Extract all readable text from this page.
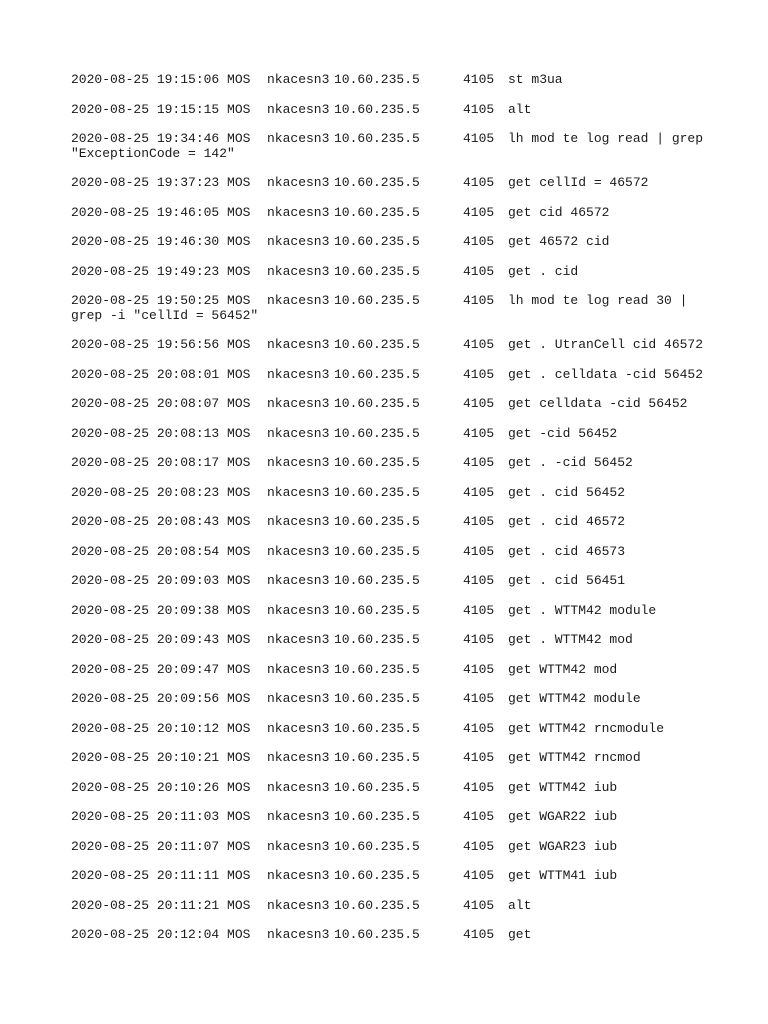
2020-08-25 19:15:06 MOS nkacesn3 10.60.235.5	4105 st m3ua
2020-08-25 19:15:15 MOS nkacesn3 10.60.235.5	4105 alt
2020-08-25 19:34:46 MOS nkacesn3 10.60.235.5	4105 lh mod te log read | grep
"ExceptionCode = 142"
2020-08-25 19:37:23 MOS nkacesn3 10.60.235.5	4105 get cellId = 46572
2020-08-25 19:46:05 MOS nkacesn3 10.60.235.5	4105 get cid 46572
2020-08-25 19:46:30 MOS nkacesn3 10.60.235.5	4105 get 46572 cid
2020-08-25 19:49:23 MOS nkacesn3 10.60.235.5	4105 get . cid
2020-08-25 19:50:25 MOS nkacesn3 10.60.235.5	4105 lh mod te log read 30 |
grep -i "cellId = 56452"
2020-08-25 19:56:56 MOS nkacesn3 10.60.235.5	4105 get . UtranCell cid 46572
2020-08-25 20:08:01 MOS nkacesn3 10.60.235.5	4105 get . celldata -cid 56452
2020-08-25 20:08:07 MOS nkacesn3 10.60.235.5	4105 get celldata -cid 56452
2020-08-25 20:08:13 MOS nkacesn3 10.60.235.5	4105 get -cid 56452
2020-08-25 20:08:17 MOS nkacesn3 10.60.235.5	4105 get . -cid 56452
2020-08-25 20:08:23 MOS nkacesn3 10.60.235.5	4105 get . cid 56452
2020-08-25 20:08:43 MOS nkacesn3 10.60.235.5	4105 get . cid 46572
2020-08-25 20:08:54 MOS nkacesn3 10.60.235.5	4105 get . cid 46573
2020-08-25 20:09:03 MOS nkacesn3 10.60.235.5	4105 get . cid 56451
2020-08-25 20:09:38 MOS nkacesn3 10.60.235.5	4105 get . WTTM42 module
2020-08-25 20:09:43 MOS nkacesn3 10.60.235.5	4105 get . WTTM42 mod
2020-08-25 20:09:47 MOS nkacesn3 10.60.235.5	4105 get WTTM42 mod
2020-08-25 20:09:56 MOS nkacesn3 10.60.235.5	4105 get WTTM42 module
2020-08-25 20:10:12 MOS nkacesn3 10.60.235.5	4105 get WTTM42 rncmodule
2020-08-25 20:10:21 MOS nkacesn3 10.60.235.5	4105 get WTTM42 rncmod
2020-08-25 20:10:26 MOS nkacesn3 10.60.235.5	4105 get WTTM42 iub
2020-08-25 20:11:03 MOS nkacesn3 10.60.235.5	4105 get WGAR22 iub
2020-08-25 20:11:07 MOS nkacesn3 10.60.235.5	4105 get WGAR23 iub
2020-08-25 20:11:11 MOS nkacesn3 10.60.235.5	4105 get WTTM41 iub
2020-08-25 20:11:21 MOS nkacesn3 10.60.235.5	4105 alt
2020-08-25 20:12:04 MOS nkacesn3 10.60.235.5	4105 get
